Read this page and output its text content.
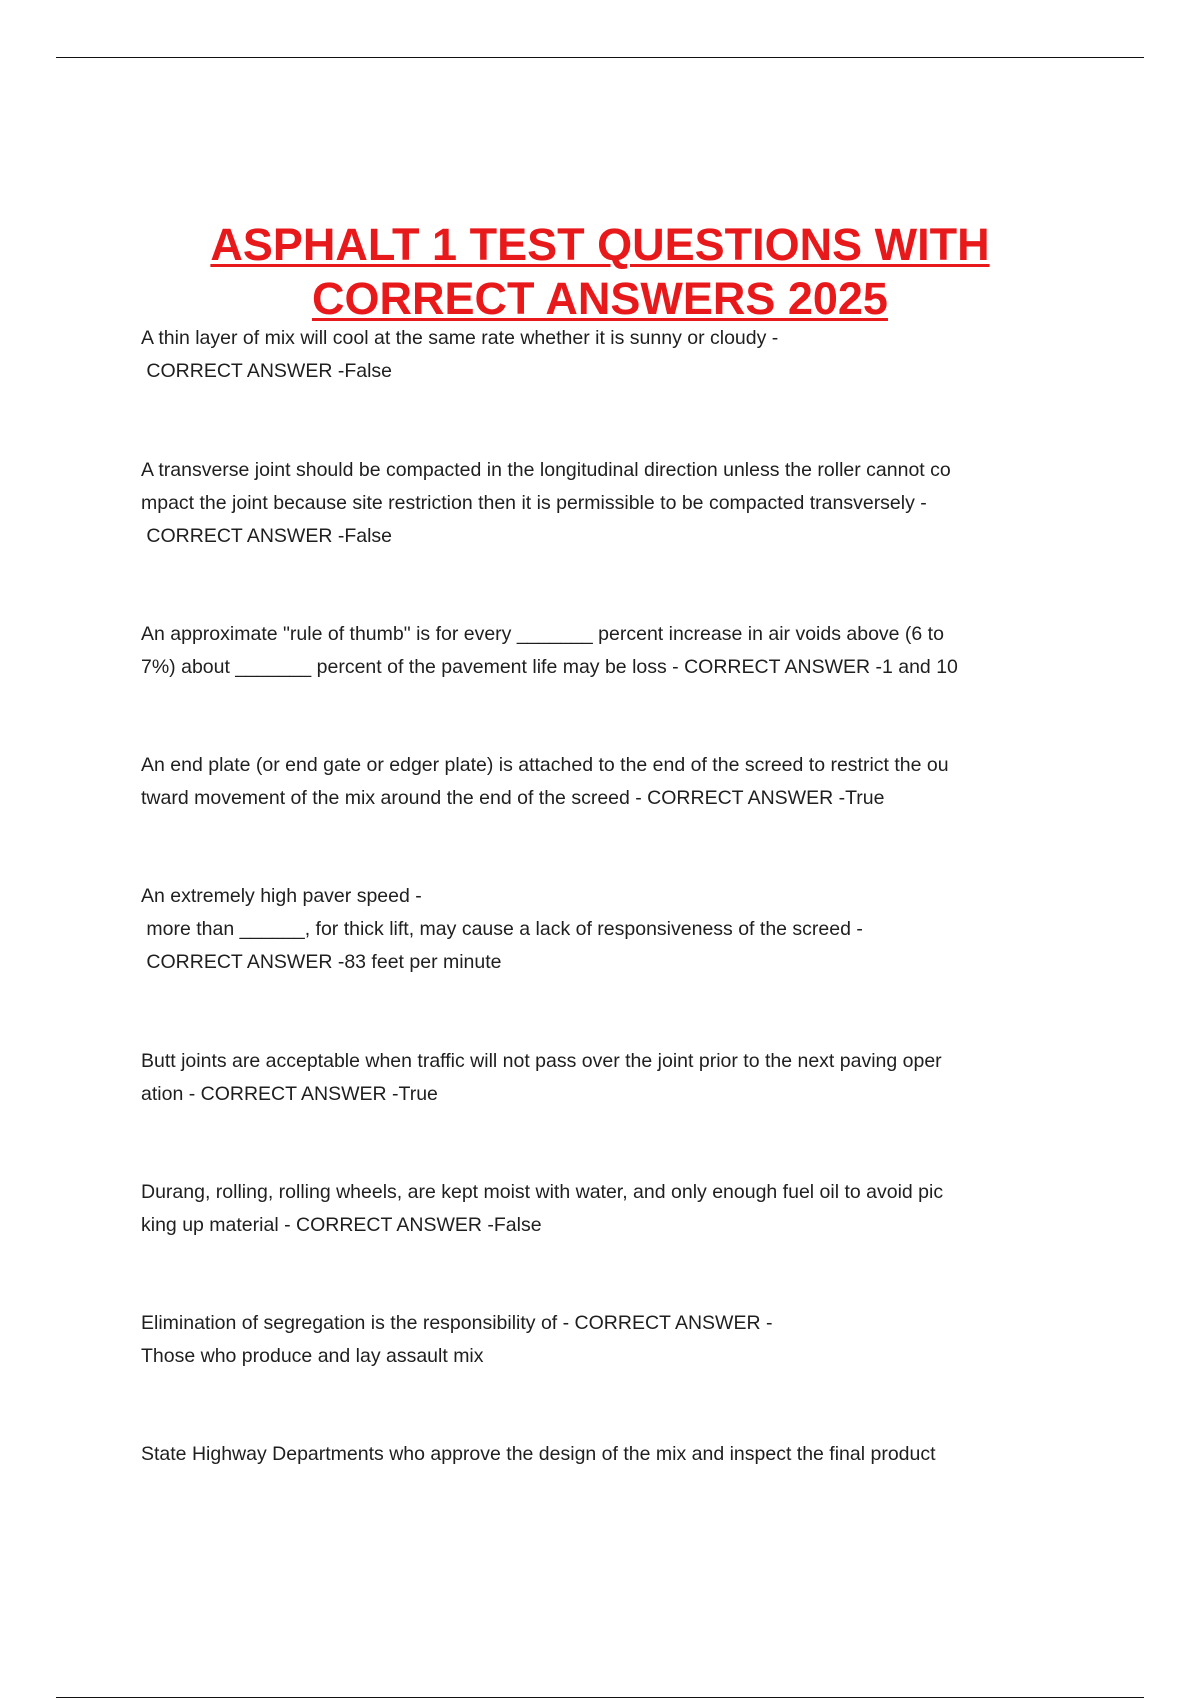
ASPHALT 1 TEST QUESTIONS WITH
CORRECT ANSWERS 2025
A thin layer of mix will cool at the same rate whether it is sunny or cloudy -
CORRECT ANSWER -False
A transverse joint should be compacted in the longitudinal direction unless the roller cannot co
mpact the joint because site restriction then it is permissible to be compacted transversely -
CORRECT ANSWER -False
An approximate "rule of thumb" is for every _______ percent increase in air voids above (6 to
7%) about _______ percent of the pavement life may be loss - CORRECT ANSWER -1 and 10
An end plate (or end gate or edger plate) is attached to the end of the screed to restrict the ou
tward movement of the mix around the end of the screed - CORRECT ANSWER -True
An extremely high paver speed -
more than ______, for thick lift, may cause a lack of responsiveness of the screed -
CORRECT ANSWER -83 feet per minute
Butt joints are acceptable when traffic will not pass over the joint prior to the next paving oper
ation - CORRECT ANSWER -True
Durang, rolling, rolling wheels, are kept moist with water, and only enough fuel oil to avoid pic
king up material - CORRECT ANSWER -False
Elimination of segregation is the responsibility of - CORRECT ANSWER -
Those who produce and lay assault mix
State Highway Departments who approve the design of the mix and inspect the final product
